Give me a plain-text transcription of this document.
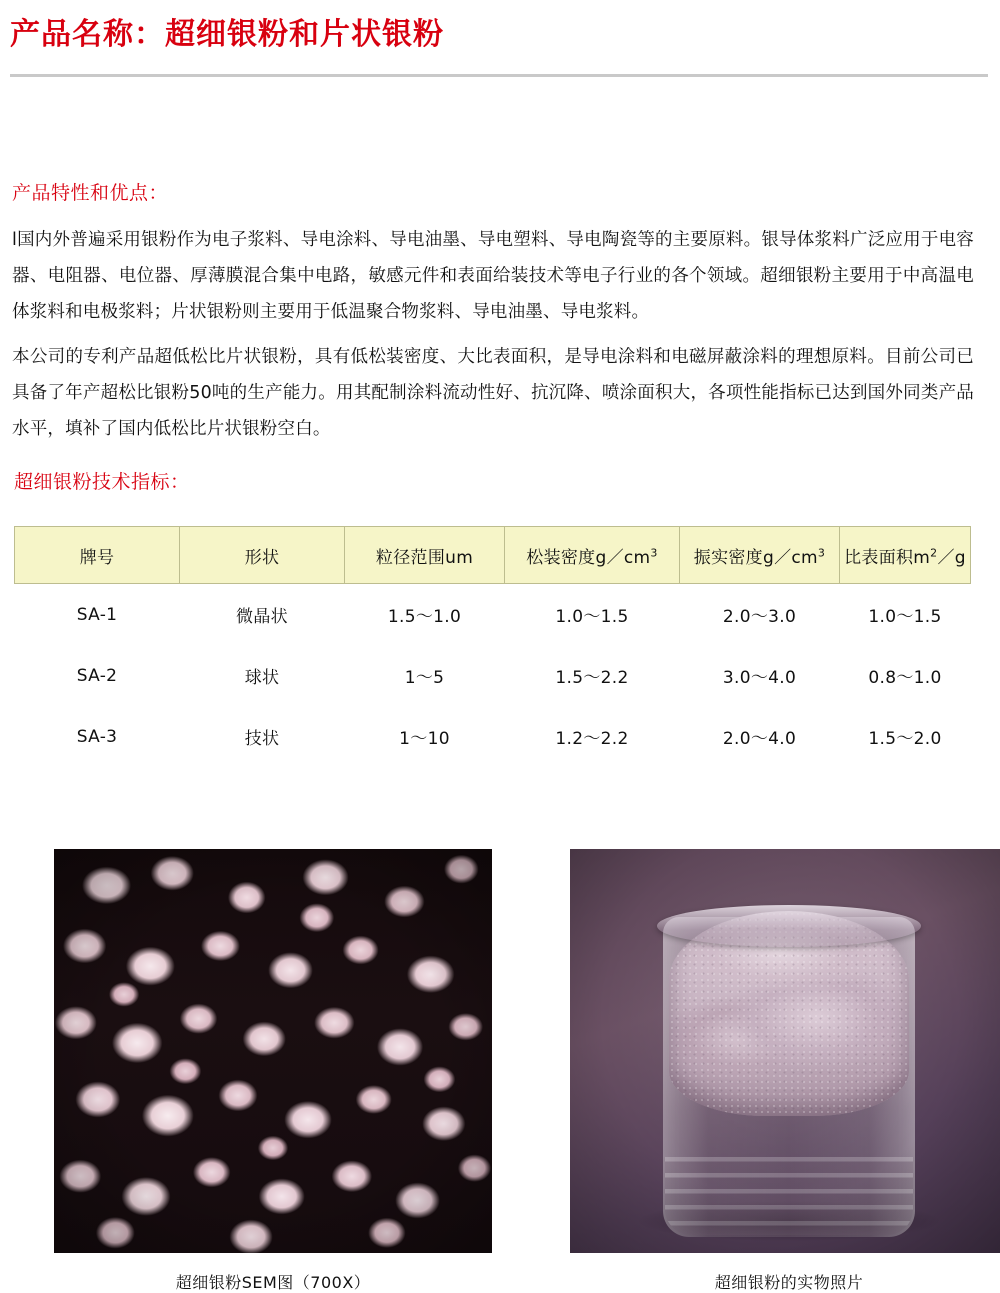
产品名称：超细银粉和片状银粉
产品特性和优点：
l国内外普遍采用银粉作为电子浆料、导电涂料、导电油墨、导电塑料、导电陶瓷等的主要原料。银导体浆料广泛应用于电容器、电阻器、电位器、厚薄膜混合集中电路，敏感元件和表面给装技术等电子行业的各个领域。超细银粉主要用于中高温电体浆料和电极浆料；片状银粉则主要用于低温聚合物浆料、导电油墨、导电浆料。
本公司的专利产品超低松比片状银粉，具有低松装密度、大比表面积，是导电涂料和电磁屏蔽涂料的理想原料。目前公司已具备了年产超松比银粉50吨的生产能力。用其配制涂料流动性好、抗沉降、喷涂面积大，各项性能指标已达到国外同类产品水平，填补了国内低松比片状银粉空白。
超细银粉技术指标：
牌号	形状	粒径范围um	松装密度$g/cm^3$	振实密度$g/cm^3$	比表面积$m^2/g$
SA-1	微晶状	1.5～1.0	1.0～1.5	2.0～3.0	1.0～1.5
SA-2	球状	1～5	1.5～2.2	3.0～4.0	0.8～1.0
SA-3	技状	1～10	1.2～2.2	2.0～4.0	1.5～2.0
超细银粉SEM图（700X）	超细银粉的实物照片
